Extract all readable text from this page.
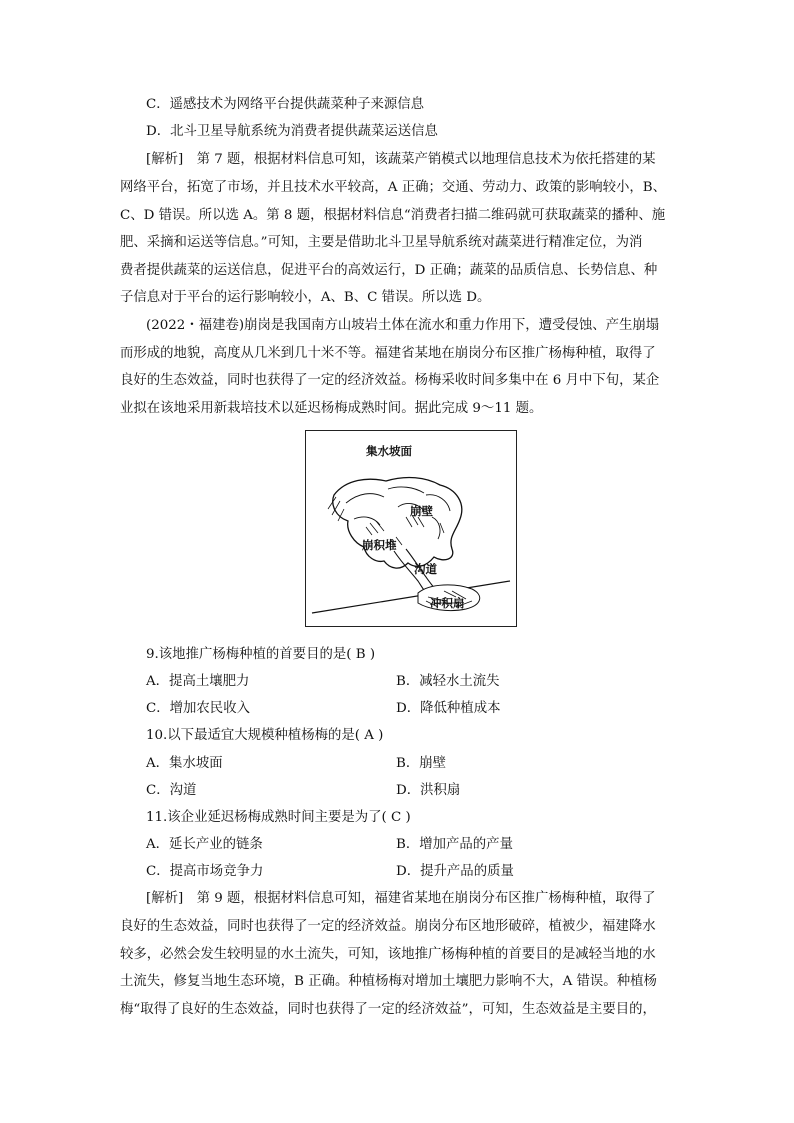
C．遥感技术为网络平台提供蔬菜种子来源信息
D．北斗卫星导航系统为消费者提供蔬菜运送信息
[解析]　第 7 题，根据材料信息可知，该蔬菜产销模式以地理信息技术为依托搭建的某
网络平台，拓宽了市场，并且技术水平较高，A 正确；交通、劳动力、政策的影响较小，B、
C、D 错误。所以选 A。第 8 题，根据材料信息“消费者扫描二维码就可获取蔬菜的播种、施
肥、采摘和运送等信息。”可知，主要是借助北斗卫星导航系统对蔬菜进行精准定位，为消
费者提供蔬菜的运送信息，促进平台的高效运行，D 正确；蔬菜的品质信息、长势信息、种
子信息对于平台的运行影响较小，A、B、C 错误。所以选 D。
(2022・福建卷)崩岗是我国南方山坡岩土体在流水和重力作用下，遭受侵蚀、产生崩塌
而形成的地貌，高度从几米到几十米不等。福建省某地在崩岗分布区推广杨梅种植，取得了
良好的生态效益，同时也获得了一定的经济效益。杨梅采收时间多集中在 6 月中下旬，某企
业拟在该地采用新栽培技术以延迟杨梅成熟时间。据此完成 9～11 题。
集水坡面
崩壁
崩积堆
沟道
冲积扇
9.该地推广杨梅种植的首要目的是( B )
A．提高土壤肥力	B．减轻水土流失
C．增加农民收入	D．降低种植成本
10.以下最适宜大规模种植杨梅的是( A )
A．集水坡面	B．崩壁
C．沟道	D．洪积扇
11.该企业延迟杨梅成熟时间主要是为了( C )
A．延长产业的链条	B．增加产品的产量
C．提高市场竞争力	D．提升产品的质量
[解析]　第 9 题，根据材料信息可知，福建省某地在崩岗分布区推广杨梅种植，取得了
良好的生态效益，同时也获得了一定的经济效益。崩岗分布区地形破碎，植被少，福建降水
较多，必然会发生较明显的水土流失，可知，该地推广杨梅种植的首要目的是减轻当地的水
土流失，修复当地生态环境，B 正确。种植杨梅对增加土壤肥力影响不大，A 错误。种植杨
梅“取得了良好的生态效益，同时也获得了一定的经济效益”，可知，生态效益是主要目的，
